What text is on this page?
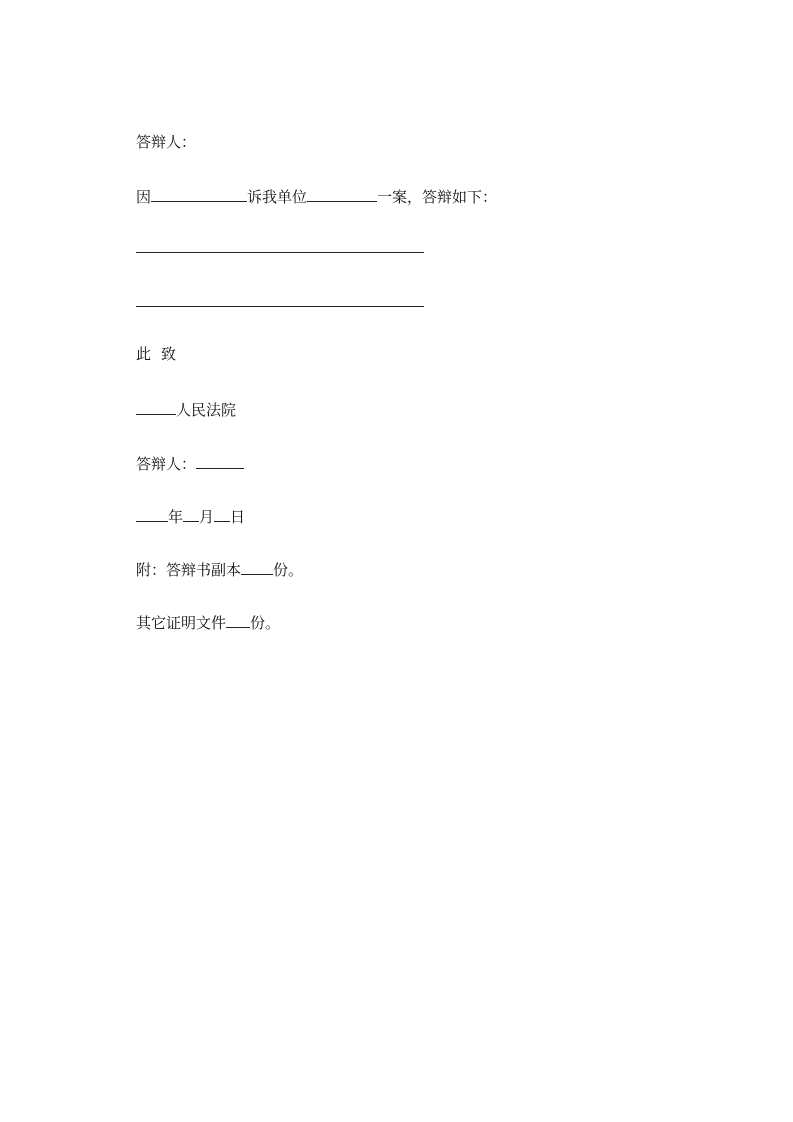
答辩人：
因	诉我单位	一案，答辩如下：
此 致
人民法院
答辩人：
年 月 日
附：答辩书副本 份。
其它证明文件 份。
